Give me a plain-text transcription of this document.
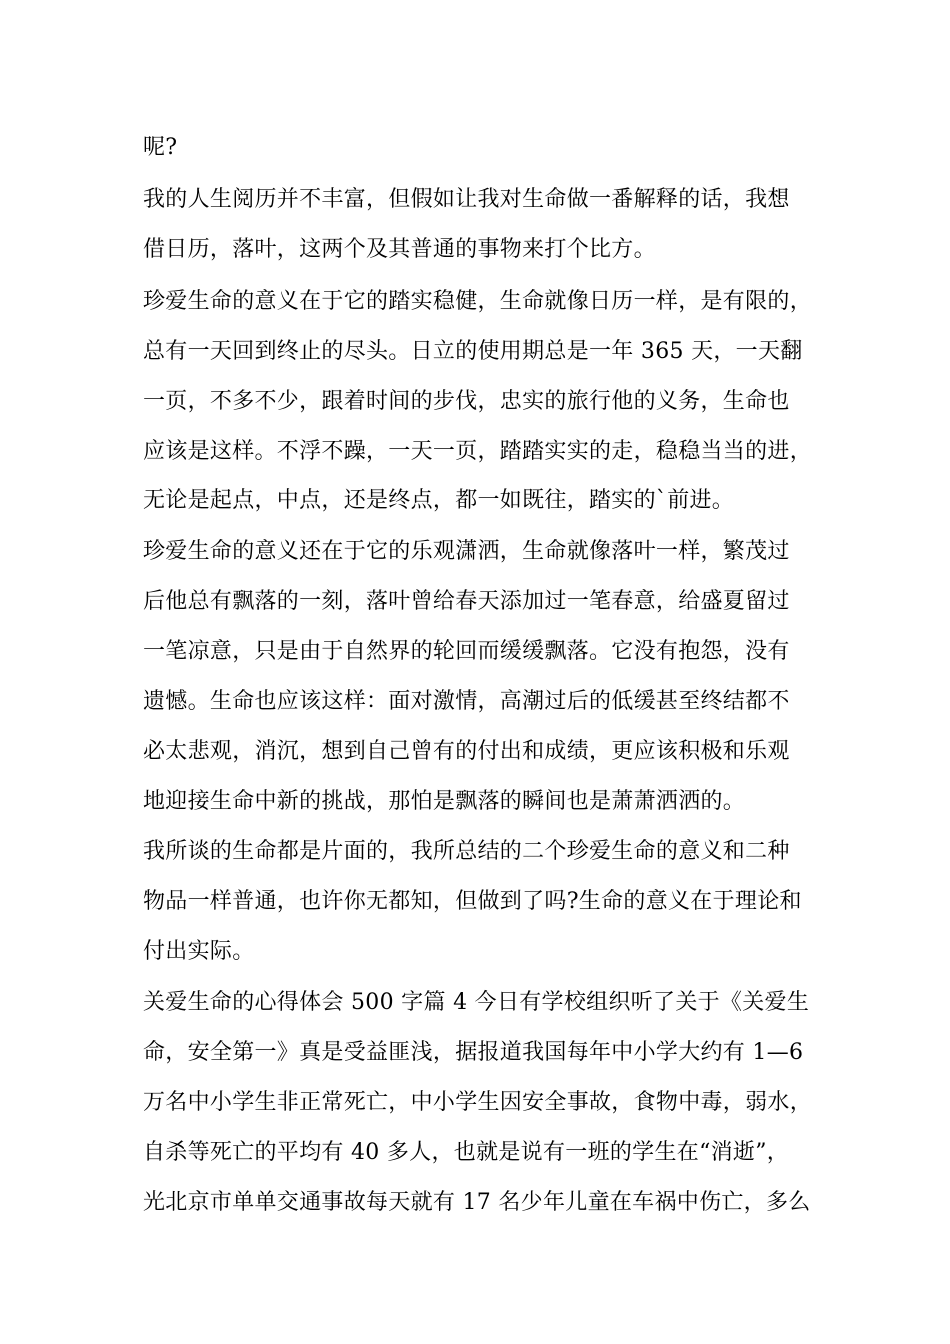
呢?
我的人生阅历并不丰富，但假如让我对生命做一番解释的话，我想
借日历，落叶，这两个及其普通的事物来打个比方。
珍爱生命的意义在于它的踏实稳健，生命就像日历一样，是有限的，
总有一天回到终止的尽头。日立的使用期总是一年 365 天，一天翻
一页，不多不少，跟着时间的步伐，忠实的旅行他的义务，生命也
应该是这样。不浮不躁，一天一页，踏踏实实的走，稳稳当当的进，
无论是起点，中点，还是终点，都一如既往，踏实的`前进。
珍爱生命的意义还在于它的乐观潇洒，生命就像落叶一样，繁茂过
后他总有飘落的一刻，落叶曾给春天添加过一笔春意，给盛夏留过
一笔凉意，只是由于自然界的轮回而缓缓飘落。它没有抱怨，没有
遗憾。生命也应该这样：面对激情，高潮过后的低缓甚至终结都不
必太悲观，消沉，想到自己曾有的付出和成绩，更应该积极和乐观
地迎接生命中新的挑战，那怕是飘落的瞬间也是萧萧洒洒的。
我所谈的生命都是片面的，我所总结的二个珍爱生命的意义和二种
物品一样普通，也许你无都知，但做到了吗?生命的意义在于理论和
付出实际。
关爱生命的心得体会 500 字篇 4 今日有学校组织听了关于《关爱生
命，安全第一》真是受益匪浅，据报道我国每年中小学大约有 1—6
万名中小学生非正常死亡，中小学生因安全事故，食物中毒，弱水，
自杀等死亡的平均有 40 多人，也就是说有一班的学生在“消逝”，
光北京市单单交通事故每天就有 17 名少年儿童在车祸中伤亡，多么
